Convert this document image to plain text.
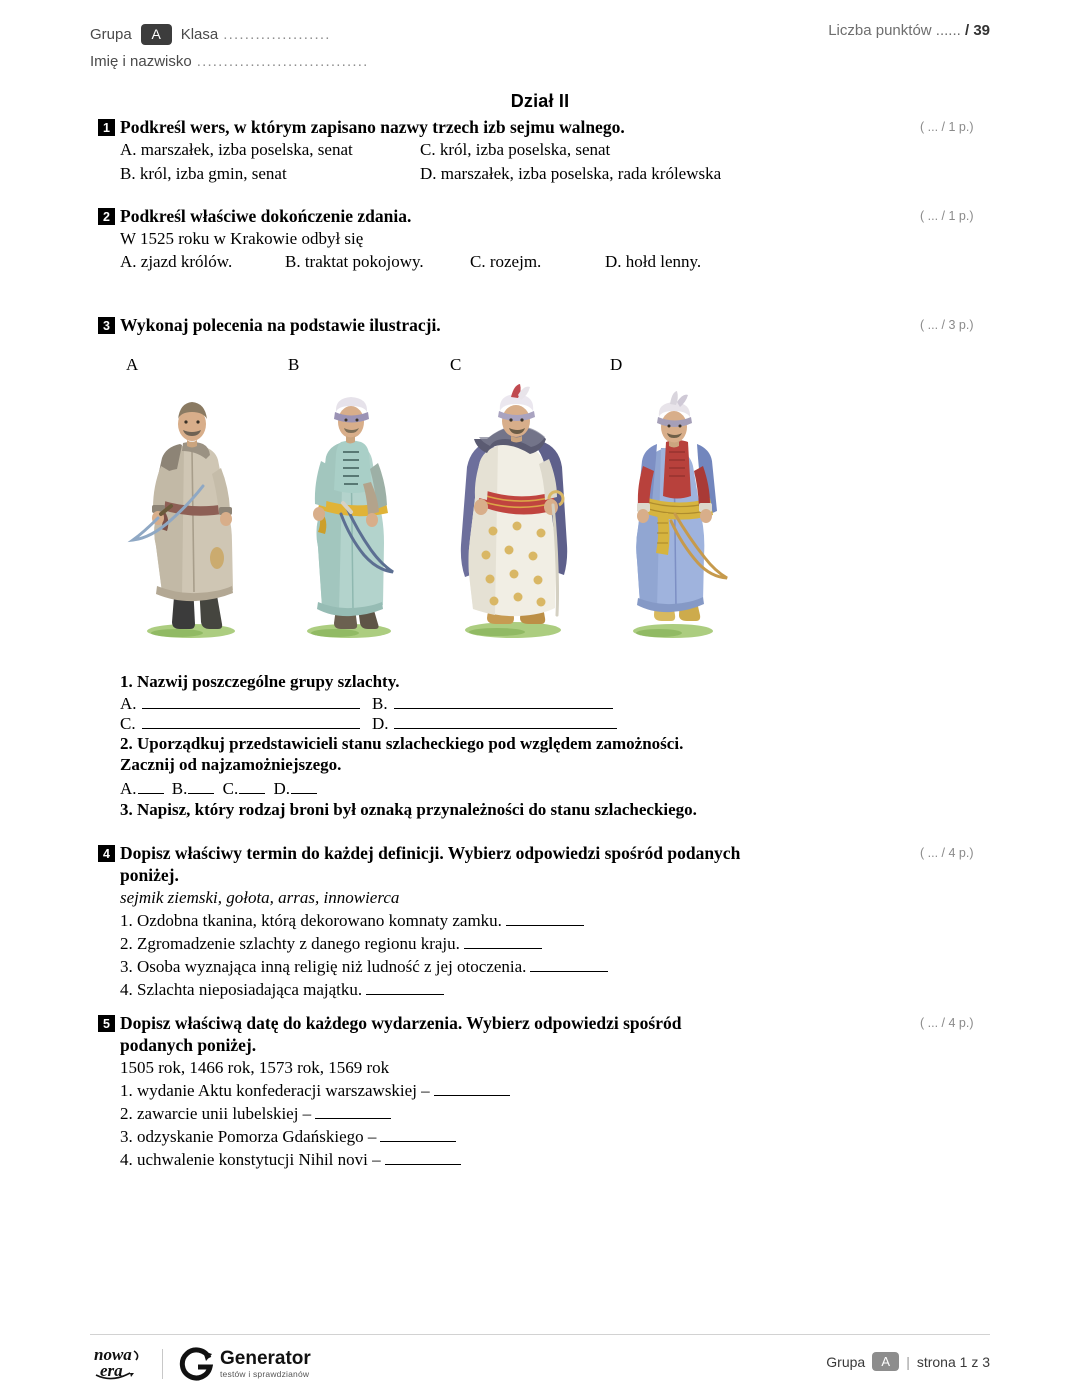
Grupa	A	Klasa ....................
Imię i nazwisko ................................
Liczba punktów ...... / 39
Dział II
1 Podkreśl wers, w którym zapisano nazwy trzech izb sejmu walnego.
A. marszałek, izba poselska, senat	C. król, izba poselska, senat
B. król, izba gmin, senat	D. marszałek, izba poselska, rada królewska
( ... / 1 p.)
2 Podkreśl właściwe dokończenie zdania.
W 1525 roku w Krakowie odbył się
A. zjazd królów.	B. traktat pokojowy.	C. rozejm.	D. hołd lenny.
( ... / 1 p.)
3 Wykonaj polecenia na podstawie ilustracji.	( ... / 3 p.)
A	B	C	D
1. Nazwij poszczególne grupy szlachty.
A.	B.
C.	D.
2. Uporządkuj przedstawicieli stanu szlacheckiego pod względem zamożności.
Zacznij od najzamożniejszego.
A. B. C. D.
3. Napisz, który rodzaj broni był oznaką przynależności do stanu szlacheckiego.
4 Dopisz właściwy termin do każdej definicji. Wybierz odpowiedzi spośród podanych poniżej.
sejmik ziemski, gołota, arras, innowierca
1. Ozdobna tkanina, którą dekorowano komnaty zamku.
2. Zgromadzenie szlachty z danego regionu kraju.
3. Osoba wyznająca inną religię niż ludność z jej otoczenia.
4. Szlachta nieposiadająca majątku.
( ... / 4 p.)
5 Dopisz właściwą datę do każdego wydarzenia. Wybierz odpowiedzi spośród podanych poniżej.
1505 rok, 1466 rok, 1573 rok, 1569 rok
1. wydanie Aktu konfederacji warszawskiej –
2. zawarcie unii lubelskiej –
3. odzyskanie Pomorza Gdańskiego –
4. uchwalenie konstytucji Nihil novi –
( ... / 4 p.)
nowa
era
Generator
testów i sprawdzianów
Grupa	A	| strona 1 z 3
